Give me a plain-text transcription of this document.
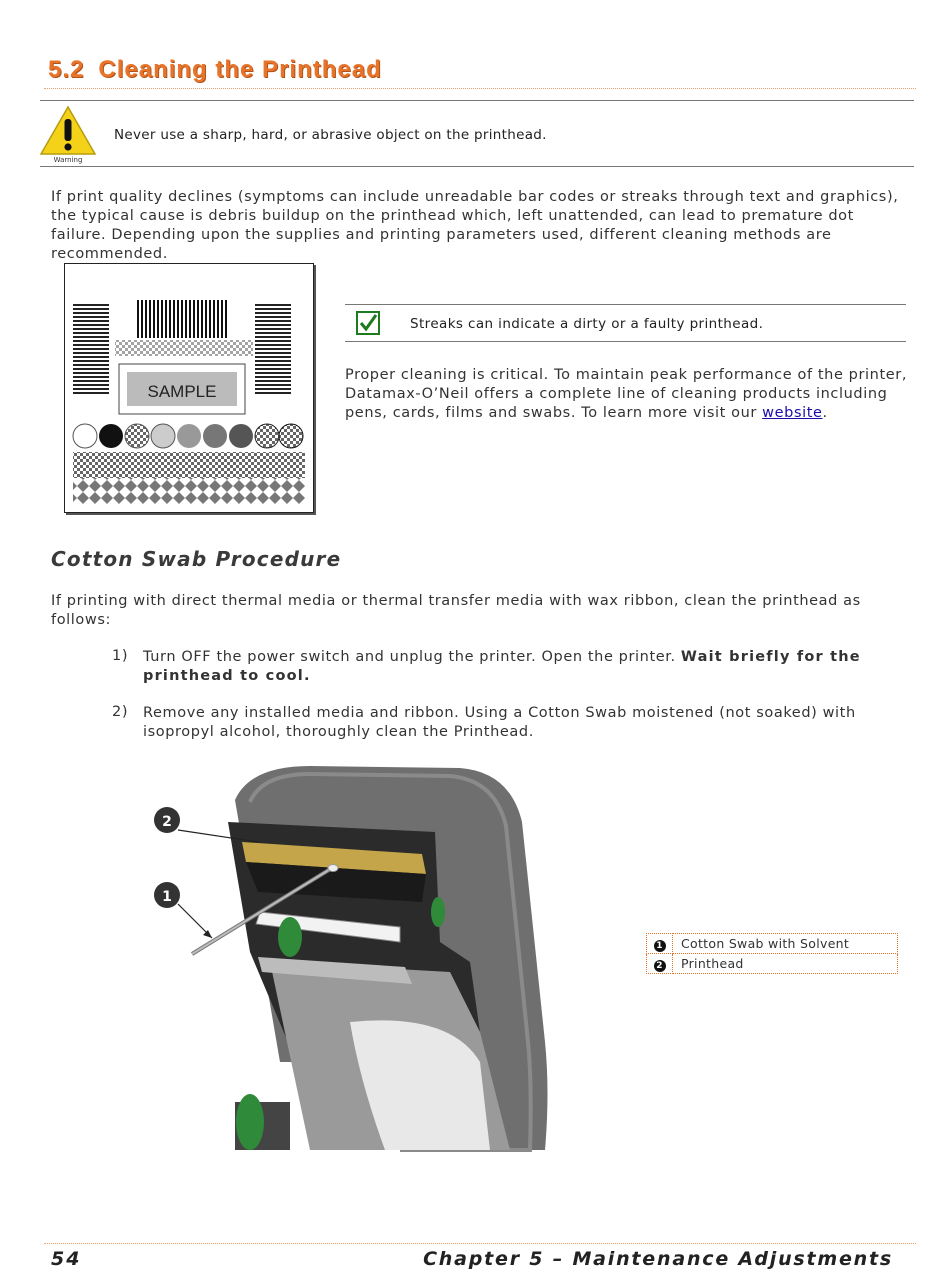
5.2 Cleaning the Printhead
Warning
Never use a sharp, hard, or abrasive object on the printhead.
If print quality declines (symptoms can include unreadable bar codes or streaks through text and graphics), the typical cause is debris buildup on the printhead which, left unattended, can lead to premature dot failure. Depending upon the supplies and printing parameters used, different cleaning methods are recommended.
SAMPLE
Streaks can indicate a dirty or a faulty printhead.
Proper cleaning is critical. To maintain peak performance of the printer, Datamax-O’Neil offers a complete line of cleaning products including pens, cards, films and swabs. To learn more visit our website.
Cotton Swab Procedure
If printing with direct thermal media or thermal transfer media with wax ribbon, clean the printhead as follows:
1) Turn OFF the power switch and unplug the printer. Open the printer. Wait briefly for the printhead to cool.
2) Remove any installed media and ribbon. Using a Cotton Swab moistened (not soaked) with isopropyl alcohol, thoroughly clean the Printhead.
2
1
1	Cotton Swab with Solvent
2	Printhead
54	Chapter 5 – Maintenance Adjustments
